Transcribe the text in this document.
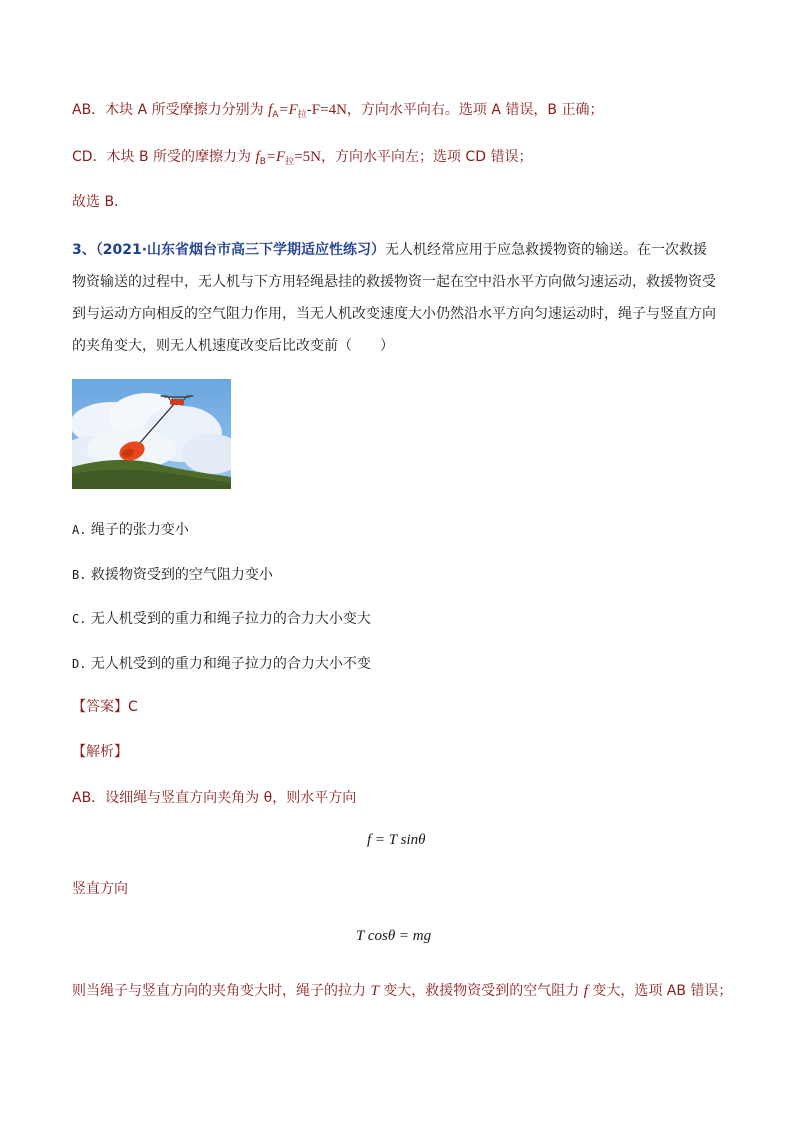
AB．木块 A 所受摩擦力分别为 $f_A=F_拉-F=4N$，方向水平向右。选项 A 错误，B 正确；
CD．木块 B 所受的摩擦力为 $f_B=F_拉=5N$，方向水平向左；选项 CD 错误；
故选 B.
3、（2021·山东省烟台市高三下学期适应性练习）无人机经常应用于应急救援物资的输送。在一次救援
物资输送的过程中，无人机与下方用轻绳悬挂的救援物资一起在空中沿水平方向做匀速运动，救援物资受
到与运动方向相反的空气阻力作用，当无人机改变速度大小仍然沿水平方向匀速运动时，绳子与竖直方向
的夹角变大，则无人机速度改变后比改变前（　　）
A. 绳子的张力变小
B. 救援物资受到的空气阻力变小
C. 无人机受到的重力和绳子拉力的合力大小变大
D. 无人机受到的重力和绳子拉力的合力大小不变
【答案】C
【解析】
AB．设细绳与竖直方向夹角为 θ，则水平方向
f = T sinθ
竖直方向
T cosθ = mg
则当绳子与竖直方向的夹角变大时，绳子的拉力 T 变大，救援物资受到的空气阻力 f 变大，选项 AB 错误；
